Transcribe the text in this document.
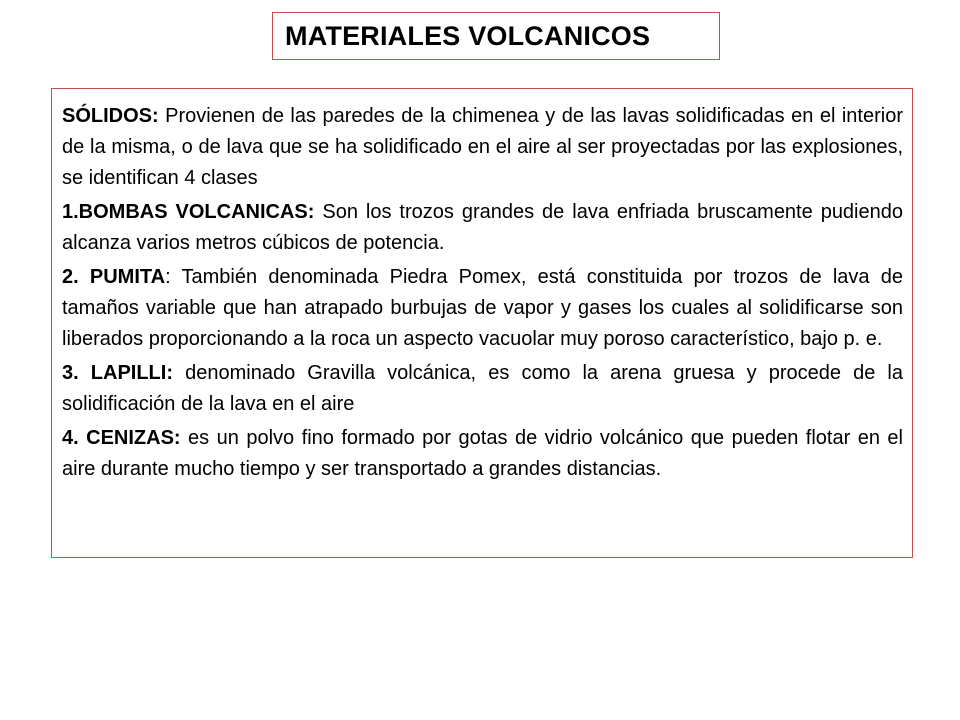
MATERIALES VOLCANICOS

SÓLIDOS: Provienen de las paredes de la chimenea y de las lavas solidificadas en el interior de la misma, o de lava que se ha solidificado en el aire al ser proyectadas por las explosiones, se identifican 4 clases

1.BOMBAS VOLCANICAS: Son los trozos grandes de lava enfriada bruscamente pudiendo alcanza varios metros cúbicos de potencia.

2. PUMITA: También denominada Piedra Pomex, está constituida por trozos de lava de tamaños variable que han atrapado burbujas de vapor y gases los cuales al solidificarse son liberados proporcionando a la roca un aspecto vacuolar muy poroso característico, bajo p. e.

3. LAPILLI: denominado Gravilla volcánica, es como la arena gruesa y procede de la solidificación de la lava en el aire

4. CENIZAS: es un polvo fino formado por gotas de vidrio volcánico que pueden flotar en el aire durante mucho tiempo y ser transportado a grandes distancias.
